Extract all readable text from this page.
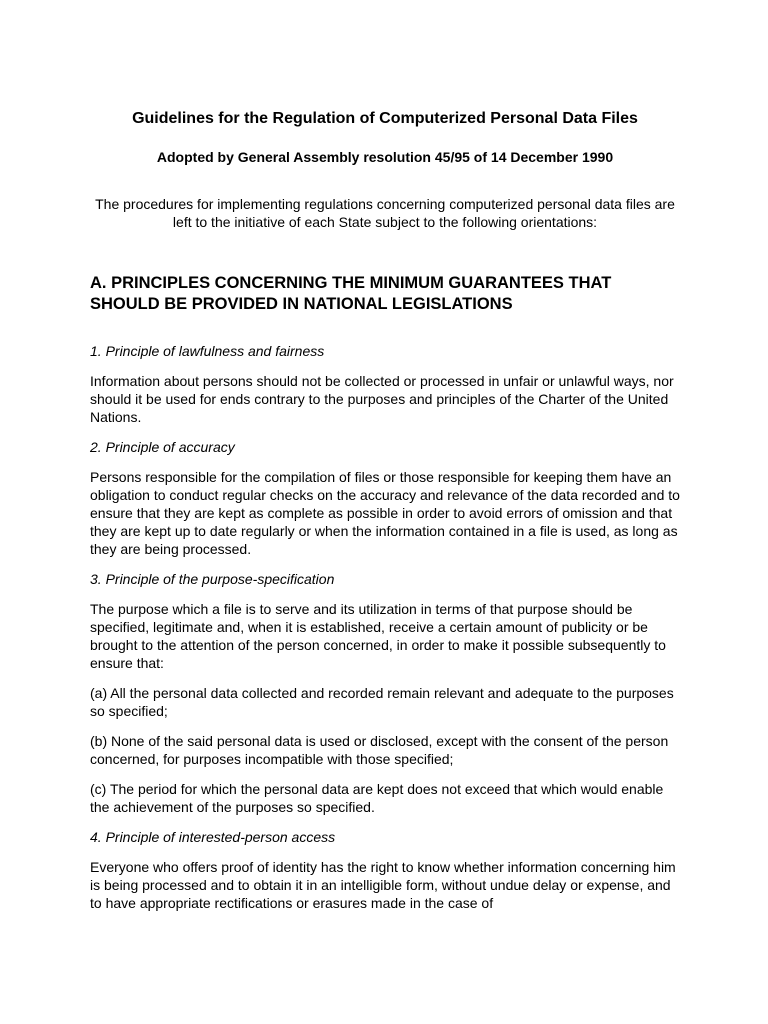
Guidelines for the Regulation of Computerized Personal Data Files
Adopted by General Assembly resolution 45/95 of 14 December 1990

The procedures for implementing regulations concerning computerized personal data files are left to the initiative of each State subject to the following orientations:

A. PRINCIPLES CONCERNING THE MINIMUM GUARANTEES THAT SHOULD BE PROVIDED IN NATIONAL LEGISLATIONS

1. Principle of lawfulness and fairness

Information about persons should not be collected or processed in unfair or unlawful ways, nor should it be used for ends contrary to the purposes and principles of the Charter of the United Nations.

2. Principle of accuracy

Persons responsible for the compilation of files or those responsible for keeping them have an obligation to conduct regular checks on the accuracy and relevance of the data recorded and to ensure that they are kept as complete as possible in order to avoid errors of omission and that they are kept up to date regularly or when the information contained in a file is used, as long as they are being processed.

3. Principle of the purpose-specification

The purpose which a file is to serve and its utilization in terms of that purpose should be specified, legitimate and, when it is established, receive a certain amount of publicity or be brought to the attention of the person concerned, in order to make it possible subsequently to ensure that:

(a) All the personal data collected and recorded remain relevant and adequate to the purposes so specified;

(b) None of the said personal data is used or disclosed, except with the consent of the person concerned, for purposes incompatible with those specified;

(c) The period for which the personal data are kept does not exceed that which would enable the achievement of the purposes so specified.

4. Principle of interested-person access

Everyone who offers proof of identity has the right to know whether information concerning him is being processed and to obtain it in an intelligible form, without undue delay or expense, and to have appropriate rectifications or erasures made in the case of
